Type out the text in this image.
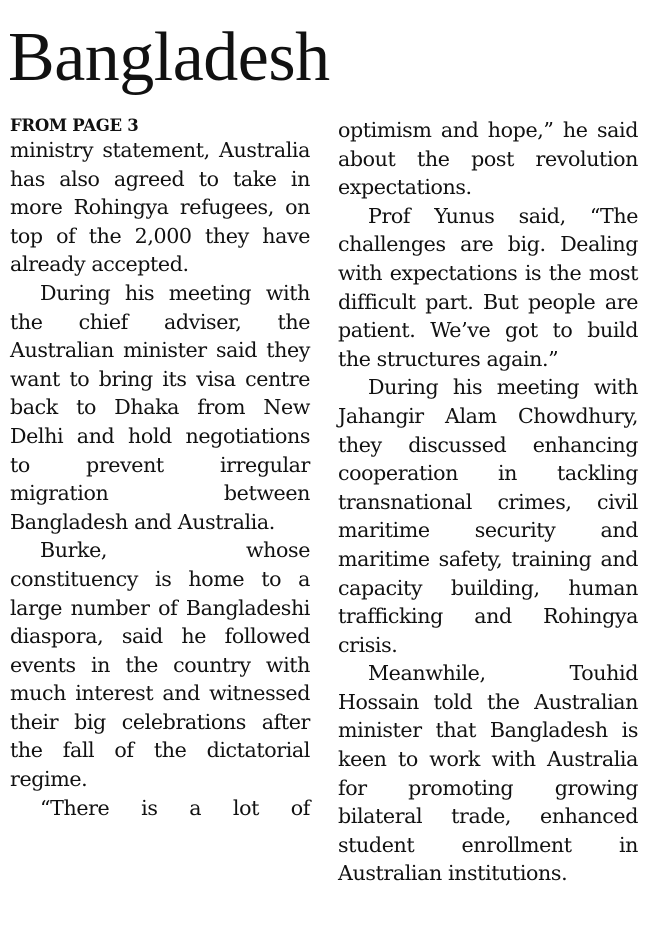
Bangladesh
FROM PAGE 3

ministry statement, Australia has also agreed to take in more Rohingya refugees, on top of the 2,000 they have already accepted.

During his meeting with the chief adviser, the Australian minister said they want to bring its visa centre back to Dhaka from New Delhi and hold negotiations to prevent irregular migration between Bangladesh and Australia.

Burke, whose constituency is home to a large number of Bangladeshi diaspora, said he followed events in the country with much interest and witnessed their big celebrations after the fall of the dictatorial regime.

“There is a lot of

optimism and hope,” he said about the post revolution expectations.

Prof Yunus said, “The challenges are big. Dealing with expectations is the most difficult part. But people are patient. We’ve got to build the structures again.”

During his meeting with Jahangir Alam Chowdhury, they discussed enhancing cooperation in tackling transnational crimes, civil maritime security and maritime safety, training and capacity building, human trafficking and Rohingya crisis.

Meanwhile, Touhid Hossain told the Australian minister that Bangladesh is keen to work with Australia for promoting growing bilateral trade, enhanced student enrollment in Australian institutions.
